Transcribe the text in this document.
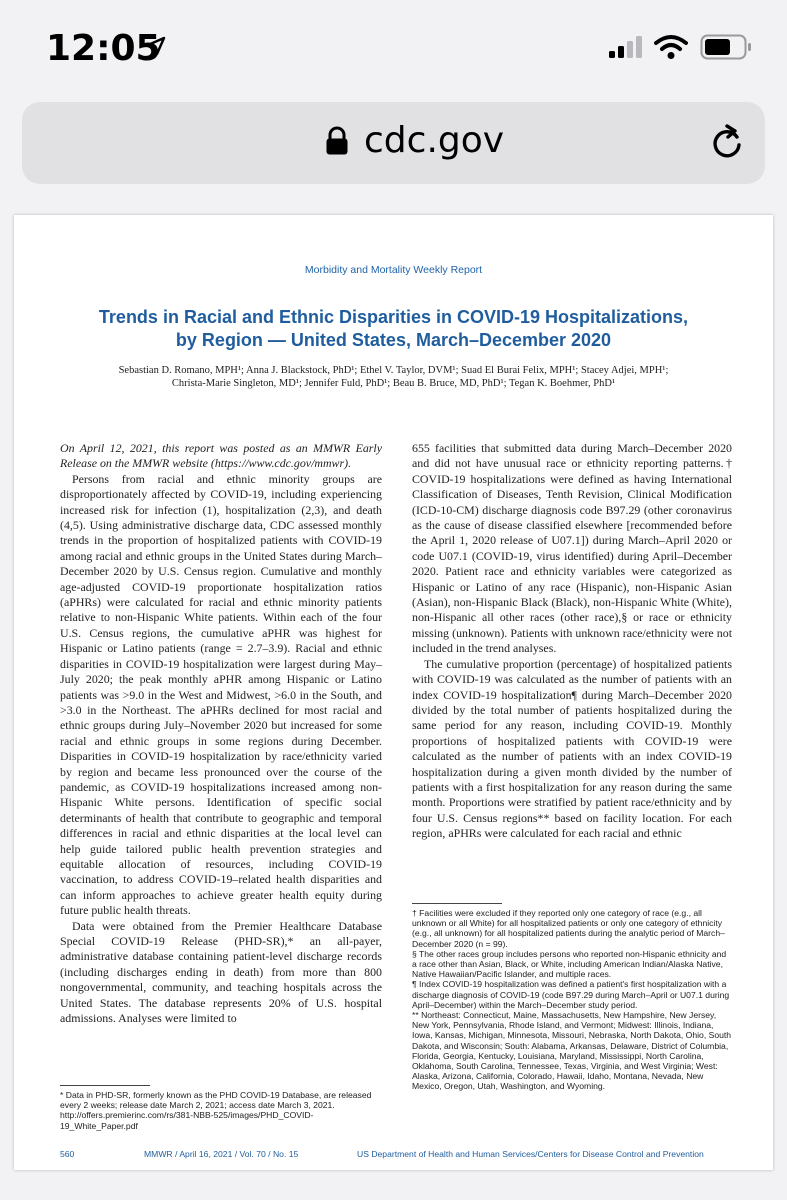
12:05
cdc.gov
Morbidity and Mortality Weekly Report
Trends in Racial and Ethnic Disparities in COVID-19 Hospitalizations,
by Region — United States, March–December 2020
Sebastian D. Romano, MPH¹; Anna J. Blackstock, PhD¹; Ethel V. Taylor, DVM¹; Suad El Burai Felix, MPH¹; Stacey Adjei, MPH¹;
Christa-Marie Singleton, MD¹; Jennifer Fuld, PhD¹; Beau B. Bruce, MD, PhD¹; Tegan K. Boehmer, PhD¹

On April 12, 2021, this report was posted as an MMWR Early Release on the MMWR website (https://www.cdc.gov/mmwr).

Persons from racial and ethnic minority groups are disproportionately affected by COVID-19, including experiencing increased risk for infection (1), hospitalization (2,3), and death (4,5). Using administrative discharge data, CDC assessed monthly trends in the proportion of hospitalized patients with COVID-19 among racial and ethnic groups in the United States during March–December 2020 by U.S. Census region. Cumulative and monthly age-adjusted COVID-19 proportionate hospitalization ratios (aPHRs) were calculated for racial and ethnic minority patients relative to non-Hispanic White patients. Within each of the four U.S. Census regions, the cumulative aPHR was highest for Hispanic or Latino patients (range = 2.7–3.9). Racial and ethnic disparities in COVID-19 hospitalization were largest during May–July 2020; the peak monthly aPHR among Hispanic or Latino patients was >9.0 in the West and Midwest, >6.0 in the South, and >3.0 in the Northeast. The aPHRs declined for most racial and ethnic groups during July–November 2020 but increased for some racial and ethnic groups in some regions during December. Disparities in COVID-19 hospitalization by race/ethnicity varied by region and became less pronounced over the course of the pandemic, as COVID-19 hospitalizations increased among non-Hispanic White persons. Identification of specific social determinants of health that contribute to geographic and temporal differences in racial and ethnic disparities at the local level can help guide tailored public health prevention strategies and equitable allocation of resources, including COVID-19 vaccination, to address COVID-19–related health disparities and can inform approaches to achieve greater health equity during future public health threats.

Data were obtained from the Premier Healthcare Database Special COVID-19 Release (PHD-SR),* an all-payer, administrative database containing patient-level discharge records (including discharges ending in death) from more than 800 nongovernmental, community, and teaching hospitals across the United States. The database represents 20% of U.S. hospital admissions. Analyses were limited to

* Data in PHD-SR, formerly known as the PHD COVID-19 Database, are released every 2 weeks; release date March 2, 2021; access date March 3, 2021. http://offers.premierinc.com/rs/381-NBB-525/images/PHD_COVID-19_White_Paper.pdf

655 facilities that submitted data during March–December 2020 and did not have unusual race or ethnicity reporting patterns.† COVID-19 hospitalizations were defined as having International Classification of Diseases, Tenth Revision, Clinical Modification (ICD-10-CM) discharge diagnosis code B97.29 (other coronavirus as the cause of disease classified elsewhere [recommended before the April 1, 2020 release of U07.1]) during March–April 2020 or code U07.1 (COVID-19, virus identified) during April–December 2020. Patient race and ethnicity variables were categorized as Hispanic or Latino of any race (Hispanic), non-Hispanic Asian (Asian), non-Hispanic Black (Black), non-Hispanic White (White), non-Hispanic all other races (other race),§ or race or ethnicity missing (unknown). Patients with unknown race/ethnicity were not included in the trend analyses.

The cumulative proportion (percentage) of hospitalized patients with COVID-19 was calculated as the number of patients with an index COVID-19 hospitalization¶ during March–December 2020 divided by the total number of patients hospitalized during the same period for any reason, including COVID-19. Monthly proportions of hospitalized patients with COVID-19 were calculated as the number of patients with an index COVID-19 hospitalization during a given month divided by the number of patients with a first hospitalization for any reason during the same month. Proportions were stratified by patient race/ethnicity and by four U.S. Census regions** based on facility location. For each region, aPHRs were calculated for each racial and ethnic

† Facilities were excluded if they reported only one category of race (e.g., all unknown or all White) for all hospitalized patients or only one category of ethnicity (e.g., all unknown) for all hospitalized patients during the analytic period of March–December 2020 (n = 99).

§ The other races group includes persons who reported non-Hispanic ethnicity and a race other than Asian, Black, or White, including American Indian/Alaska Native, Native Hawaiian/Pacific Islander, and multiple races.

¶ Index COVID-19 hospitalization was defined a patient's first hospitalization with a discharge diagnosis of COVID-19 (code B97.29 during March–April or U07.1 during April–December) within the March–December study period.

** Northeast: Connecticut, Maine, Massachusetts, New Hampshire, New Jersey, New York, Pennsylvania, Rhode Island, and Vermont; Midwest: Illinois, Indiana, Iowa, Kansas, Michigan, Minnesota, Missouri, Nebraska, North Dakota, Ohio, South Dakota, and Wisconsin; South: Alabama, Arkansas, Delaware, District of Columbia, Florida, Georgia, Kentucky, Louisiana, Maryland, Mississippi, North Carolina, Oklahoma, South Carolina, Tennessee, Texas, Virginia, and West Virginia; West: Alaska, Arizona, California, Colorado, Hawaii, Idaho, Montana, Nevada, New Mexico, Oregon, Utah, Washington, and Wyoming.

560	MMWR / April 16, 2021 / Vol. 70 / No. 15	US Department of Health and Human Services/Centers for Disease Control and Prevention
